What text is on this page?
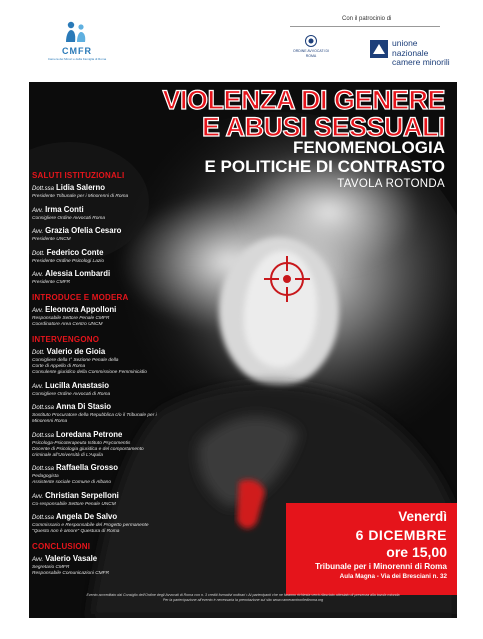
CMFR
Camera dei Minori e della Famiglia di Roma
Con il patrocinio di
ORDINE AVVOCATI DI ROMA
unione nazionale
camere minorili
VIOLENZA DI GENERE
E ABUSI SESSUALI
FENOMENOLOGIA
E POLITICHE DI CONTRASTO
TAVOLA ROTONDA
SALUTI ISTITUZIONALI
Dott.ssa Lidia Salerno
Presidente Tribunale per i Minorenni di Roma
Avv. Irma Conti
Consigliere Ordine Avvocati Roma
Avv. Grazia Ofelia Cesaro
Presidente UNCM
Dott. Federico Conte
Presidente Ordine Psicologi Lazio
Avv. Alessia Lombardi
Presidente CMFR
INTRODUCE E MODERA
Avv. Eleonora Appolloni
Responsabile Settore Penale CMFR
Coordinatore Area Centro UNCM
INTERVENGONO
Dott. Valerio de Gioia
Consigliere della I° Sezione Penale della
Corte di Appello di Roma
Consulente giuridico della Commissione Femminicidio
Avv. Lucilla Anastasio
Consigliere Ordine Avvocati di Roma
Dott.ssa Anna Di Stasio
Sostituto Procuratore della Repubblica c/o il Tribunale per i
Minorenni Roma
Dott.ssa Loredana Petrone
Psicologa-Psicoterapeuta Istituto Psycomentis
Docente di Psicologia giuridica e del comportamento
criminale all'Università di L'Aquila
Dott.ssa Raffaella Grosso
Pedagogista
Assistente sociale Comune di Albano
Avv. Christian Serpelloni
Co-responsabile Settore Penale UNCM
Dott.ssa Angela De Salvo
Commissario e Responsabile del Progetto permanente
"Questo non è amore" Questura di Roma
CONCLUSIONI
Avv. Valerio Vasale
Segretario CMFR
Responsabile Comunicazioni CMFR
Venerdì
6 DICEMBRE
ore 15,00
Tribunale per i Minorenni di Roma
Aula Magna - Via dei Bresciani n. 32
Evento accreditato dal Consiglio dell'Ordine degli Avvocati di Roma con n. 3 crediti formativi ordinari • Ai partecipanti che ne faranno richiesta verrà rilasciato attestato di presenza alla tavola rotonda
Per la partecipazione all'evento è necessaria la prenotazione sul sito www.cameraminorilediroma.org
